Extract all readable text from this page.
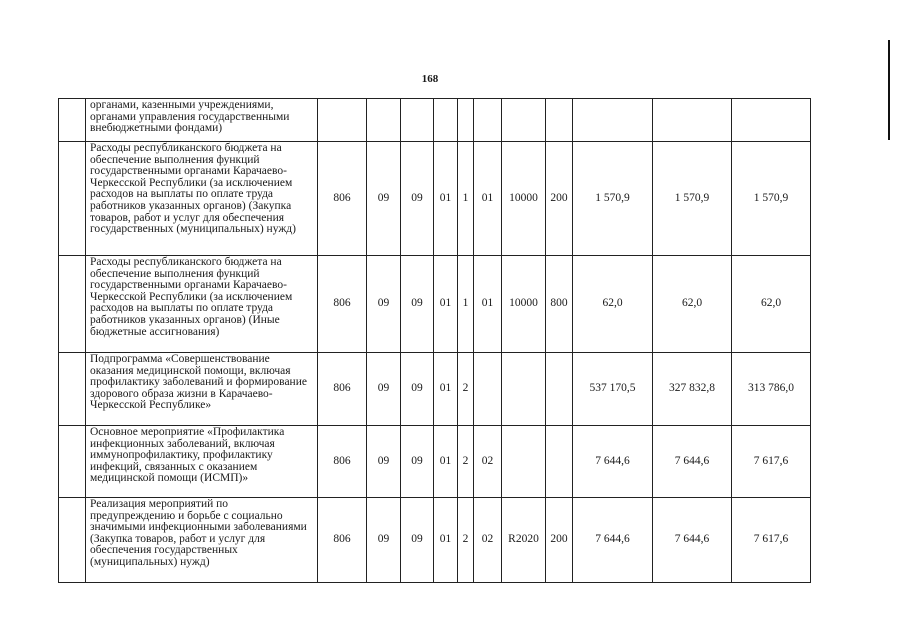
168
	органами, казенными учреждениями, органами управления государственными внебюджетными фондами)											
	Расходы республиканского бюджета на обеспечение выполнения функций государственными органами Карачаево-Черкесской Республики (за исключением расходов на выплаты по оплате труда работников указанных органов) (Закупка товаров, работ и услуг для обеспечения государственных (муниципальных) нужд)	806	09	09	01	1	01	10000	200	1 570,9	1 570,9	1 570,9
	Расходы республиканского бюджета на обеспечение выполнения функций государственными органами Карачаево-Черкесской Республики (за исключением расходов на выплаты по оплате труда работников указанных органов) (Иные бюджетные ассигнования)	806	09	09	01	1	01	10000	800	62,0	62,0	62,0
	Подпрограмма «Совершенствование оказания медицинской помощи, включая профилактику заболеваний и формирование здорового образа жизни в Карачаево-Черкесской Республике»	806	09	09	01	2				537 170,5	327 832,8	313 786,0
	Основное мероприятие «Профилактика инфекционных заболеваний, включая иммунопрофилактику, профилактику инфекций, связанных с оказанием медицинской помощи (ИСМП)»	806	09	09	01	2	02			7 644,6	7 644,6	7 617,6
	Реализация мероприятий по предупреждению и борьбе с социально значимыми инфекционными заболеваниями (Закупка товаров, работ и услуг для обеспечения государственных (муниципальных) нужд)	806	09	09	01	2	02	R2020	200	7 644,6	7 644,6	7 617,6
